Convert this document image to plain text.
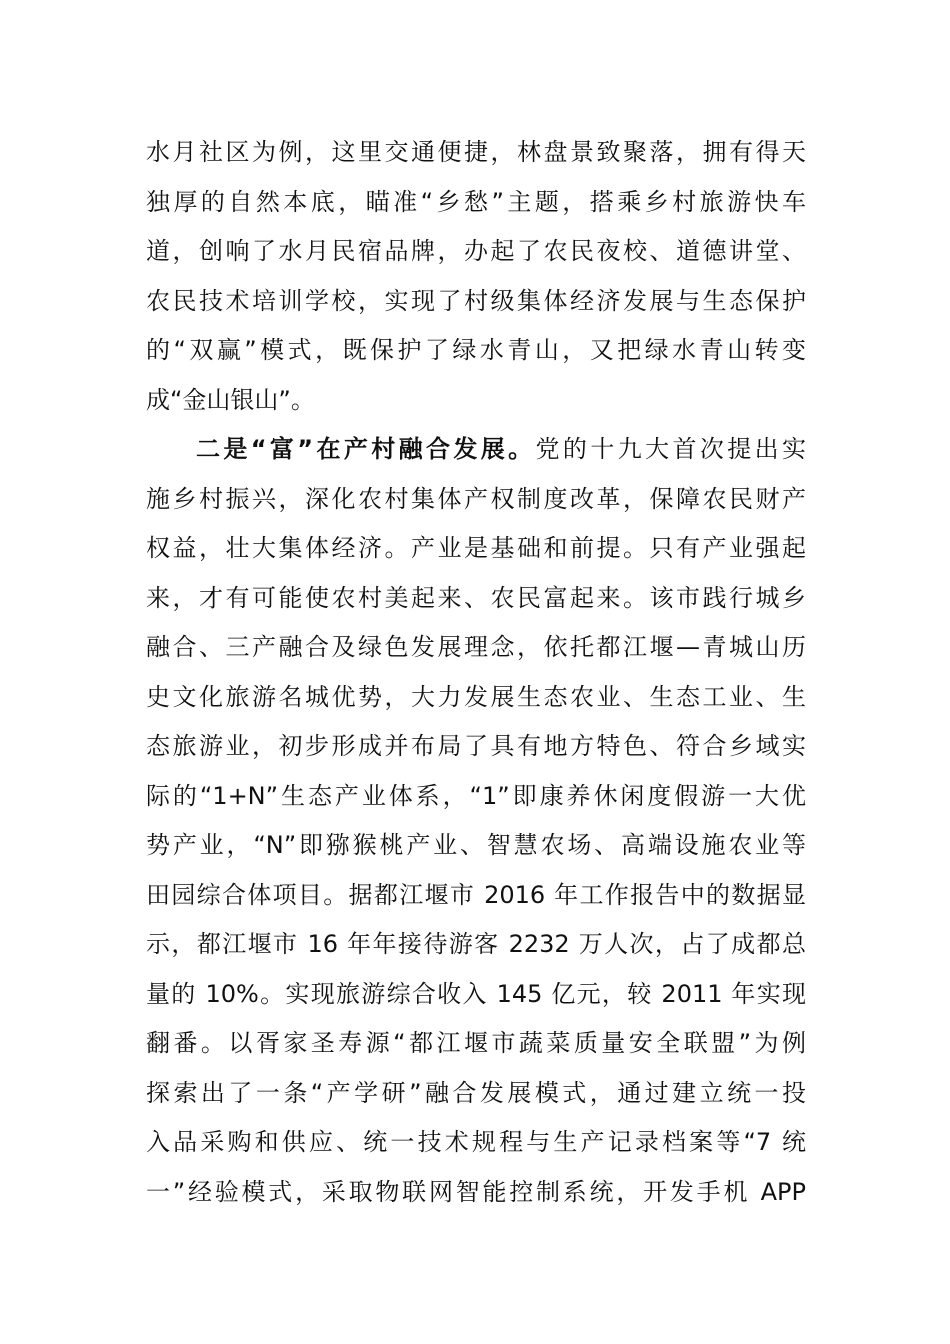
水月社区为例，这里交通便捷，林盘景致聚落，拥有得天
独厚的自然本底，瞄准“乡愁”主题，搭乘乡村旅游快车
道，创响了水月民宿品牌，办起了农民夜校、道德讲堂、
农民技术培训学校，实现了村级集体经济发展与生态保护
的“双赢”模式，既保护了绿水青山，又把绿水青山转变
成“金山银山”。
二是“富”在产村融合发展。党的十九大首次提出实
施乡村振兴，深化农村集体产权制度改革，保障农民财产
权益，壮大集体经济。产业是基础和前提。只有产业强起
来，才有可能使农村美起来、农民富起来。该市践行城乡
融合、三产融合及绿色发展理念，依托都江堰—青城山历
史文化旅游名城优势，大力发展生态农业、生态工业、生
态旅游业，初步形成并布局了具有地方特色、符合乡域实
际的“1+N”生态产业体系，“1”即康养休闲度假游一大优
势产业，“N”即猕猴桃产业、智慧农场、高端设施农业等
田园综合体项目。据都江堰市 2016 年工作报告中的数据显
示，都江堰市 16 年年接待游客 2232 万人次，占了成都总
量的 10%。实现旅游综合收入 145 亿元，较 2011 年实现
翻番。以胥家圣寿源“都江堰市蔬菜质量安全联盟”为例
探索出了一条“产学研”融合发展模式，通过建立统一投
入品采购和供应、统一技术规程与生产记录档案等“7 统
一”经验模式，采取物联网智能控制系统，开发手机 APP
